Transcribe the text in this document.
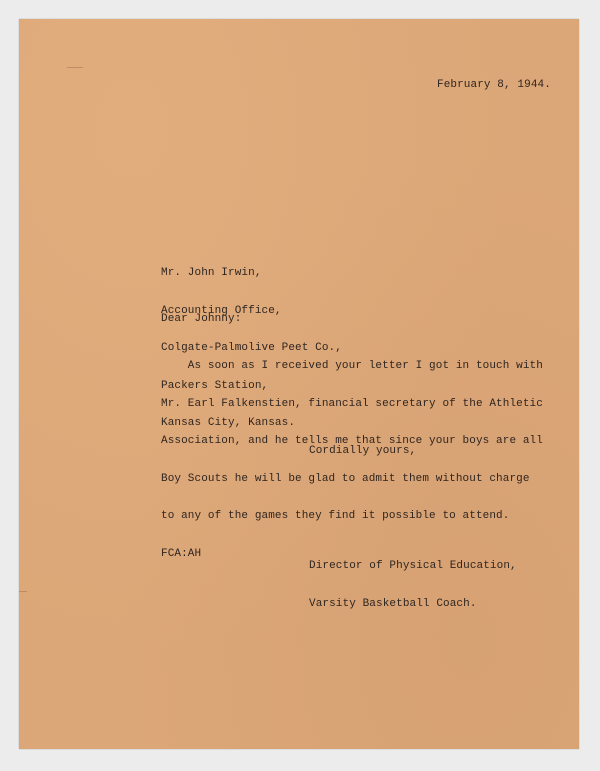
February 8, 1944.

Mr. John Irwin,

Accounting Office,

Colgate-Palmolive Peet Co.,

Packers Station,

Kansas City, Kansas.

Dear Johnny:

As soon as I received your letter I got in touch with

Mr. Earl Falkenstien, financial secretary of the Athletic

Association, and he tells me that since your boys are all

Boy Scouts he will be glad to admit them without charge

to any of the games they find it possible to attend.

Cordially yours,

Director of Physical Education,

Varsity Basketball Coach.

FCA:AH
